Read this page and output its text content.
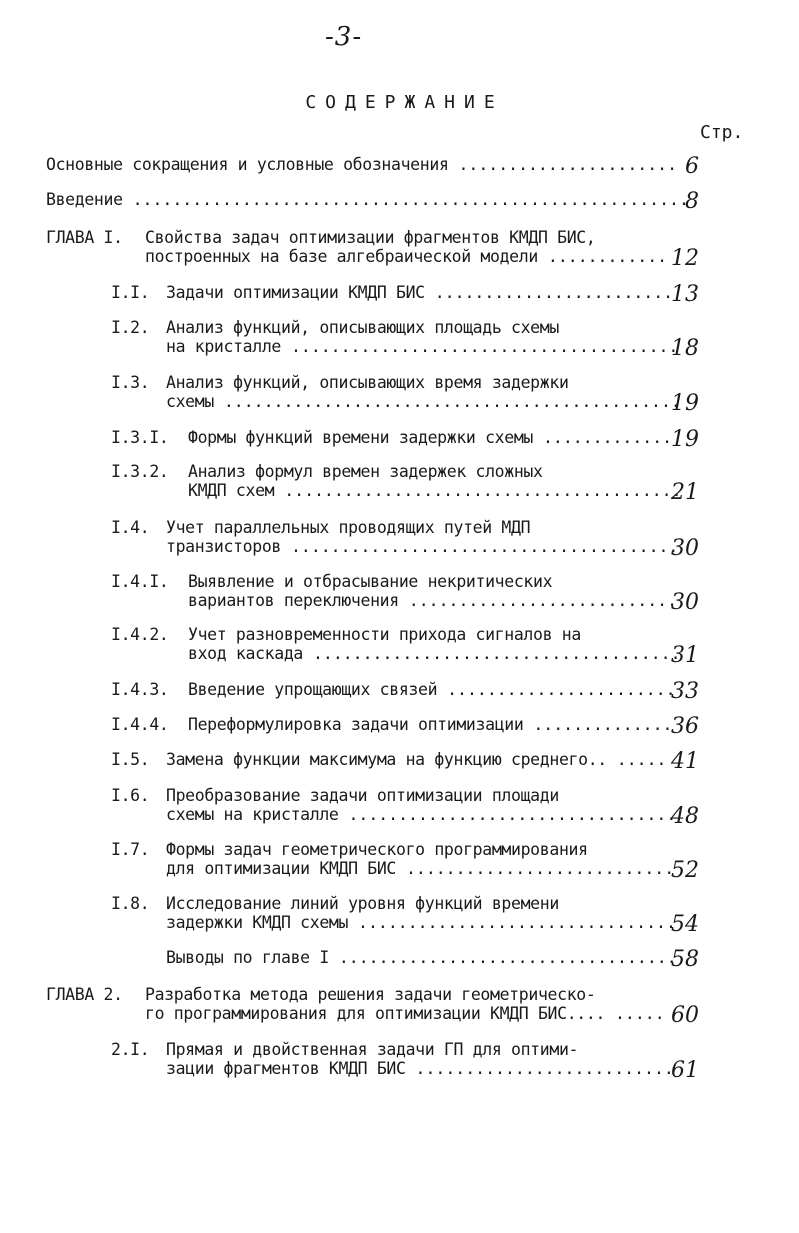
-3-
СОДЕРЖАНИЕ
Стр.
Основные сокращения и условные обозначения ...................... 6
Введение ........................................................
8
ГЛАВА I. Свойства задач оптимизации фрагментов КМДП БИС,
построенных на базе алгебраической модели ............ 12
I.I. Задачи оптимизации КМДП БИС ........................
13
I.2. Анализ функций, описывающих площадь схемы
на кристалле .......................................
18
I.3. Анализ функций, описывающих время задержки
схемы ..............................................
19
I.3.I. Формы функций времени задержки схемы .............
19
I.3.2. Анализ формул времен задержек сложных
КМДП схем ........................................
21
I.4. Учет параллельных проводящих путей МДП
транзисторов .......................................
30
I.4.I. Выявление и отбрасывание некритических
вариантов переключения ...........................
30
I.4.2. Учет разновременности прихода сигналов на
вход каскада .....................................
31
I.4.3. Введение упрощающих связей .......................
33
I.4.4. Переформулировка задачи оптимизации ..............
36
I.5. Замена функции максимума на функцию среднего.. ..... 41
I.6. Преобразование задачи оптимизации площади
схемы на кристалле .................................
48
I.7. Формы задач геометрического программирования
для оптимизации КМДП БИС ...........................
52
I.8. Исследование линий уровня функций времени
задержки КМДП схемы ................................
54
Выводы по главе I ..................................
58
ГЛАВА 2. Разработка метода решения задачи геометрическо-
го программирования для оптимизации КМДП БИС.... ..... 60
2.I. Прямая и двойственная задачи ГП для оптими-
зации фрагментов КМДП БИС ..........................
61
